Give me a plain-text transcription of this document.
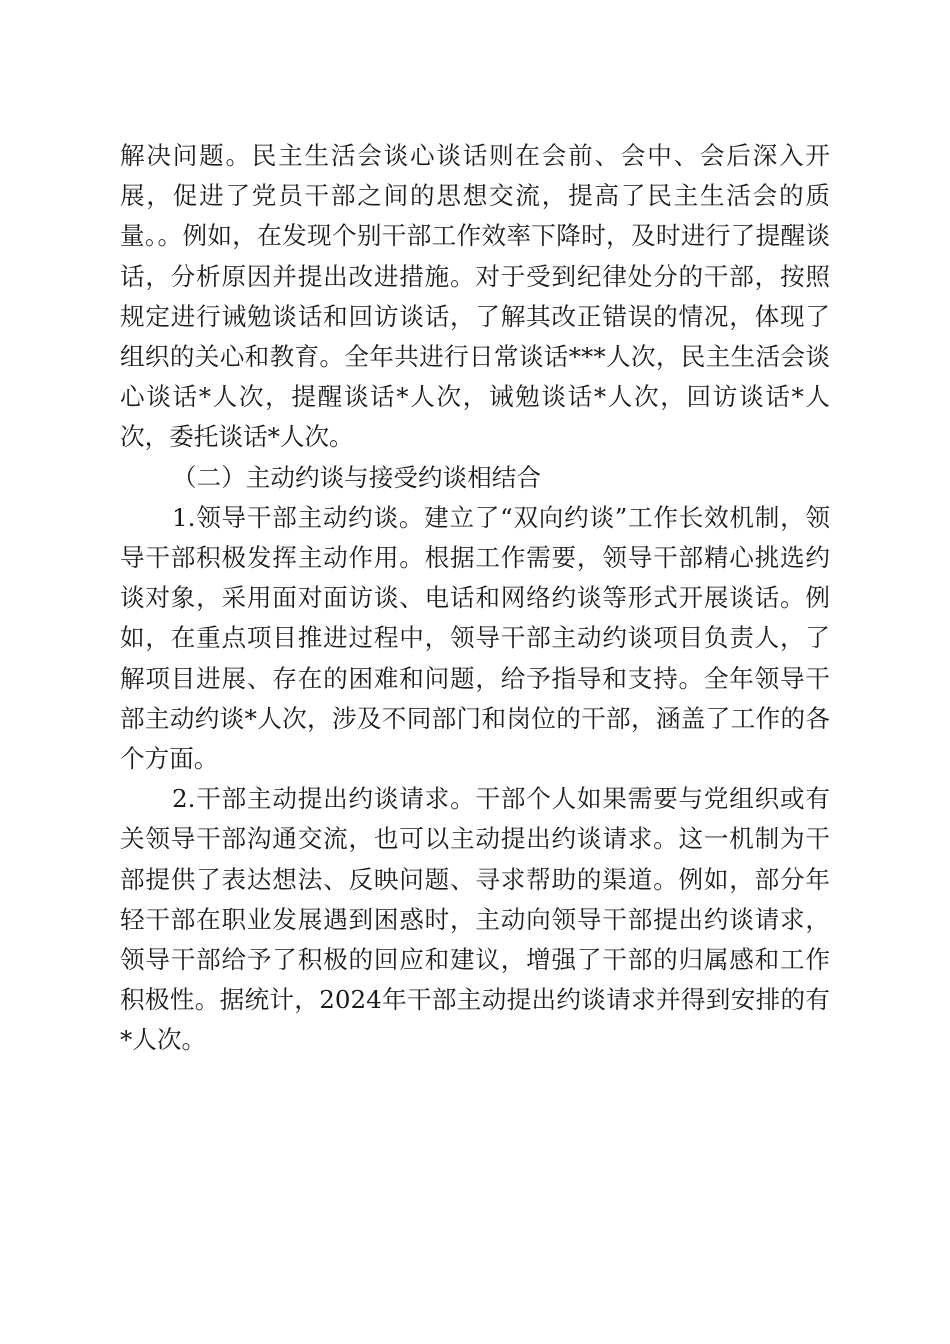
解决问题。民主生活会谈心谈话则在会前、会中、会后深入开展，促进了党员干部之间的思想交流，提高了民主生活会的质量。。例如，在发现个别干部工作效率下降时，及时进行了提醒谈话，分析原因并提出改进措施。对于受到纪律处分的干部，按照规定进行诫勉谈话和回访谈话，了解其改正错误的情况，体现了组织的关心和教育。全年共进行日常谈话***人次，民主生活会谈心谈话*人次，提醒谈话*人次，诫勉谈话*人次，回访谈话*人次，委托谈话*人次。

（二）主动约谈与接受约谈相结合

1.领导干部主动约谈。建立了“双向约谈”工作长效机制，领导干部积极发挥主动作用。根据工作需要，领导干部精心挑选约谈对象，采用面对面访谈、电话和网络约谈等形式开展谈话。例如，在重点项目推进过程中，领导干部主动约谈项目负责人，了解项目进展、存在的困难和问题，给予指导和支持。全年领导干部主动约谈*人次，涉及不同部门和岗位的干部，涵盖了工作的各个方面。

2.干部主动提出约谈请求。干部个人如果需要与党组织或有关领导干部沟通交流，也可以主动提出约谈请求。这一机制为干部提供了表达想法、反映问题、寻求帮助的渠道。例如，部分年轻干部在职业发展遇到困惑时，主动向领导干部提出约谈请求，领导干部给予了积极的回应和建议，增强了干部的归属感和工作积极性。据统计，2024年干部主动提出约谈请求并得到安排的有*人次。
